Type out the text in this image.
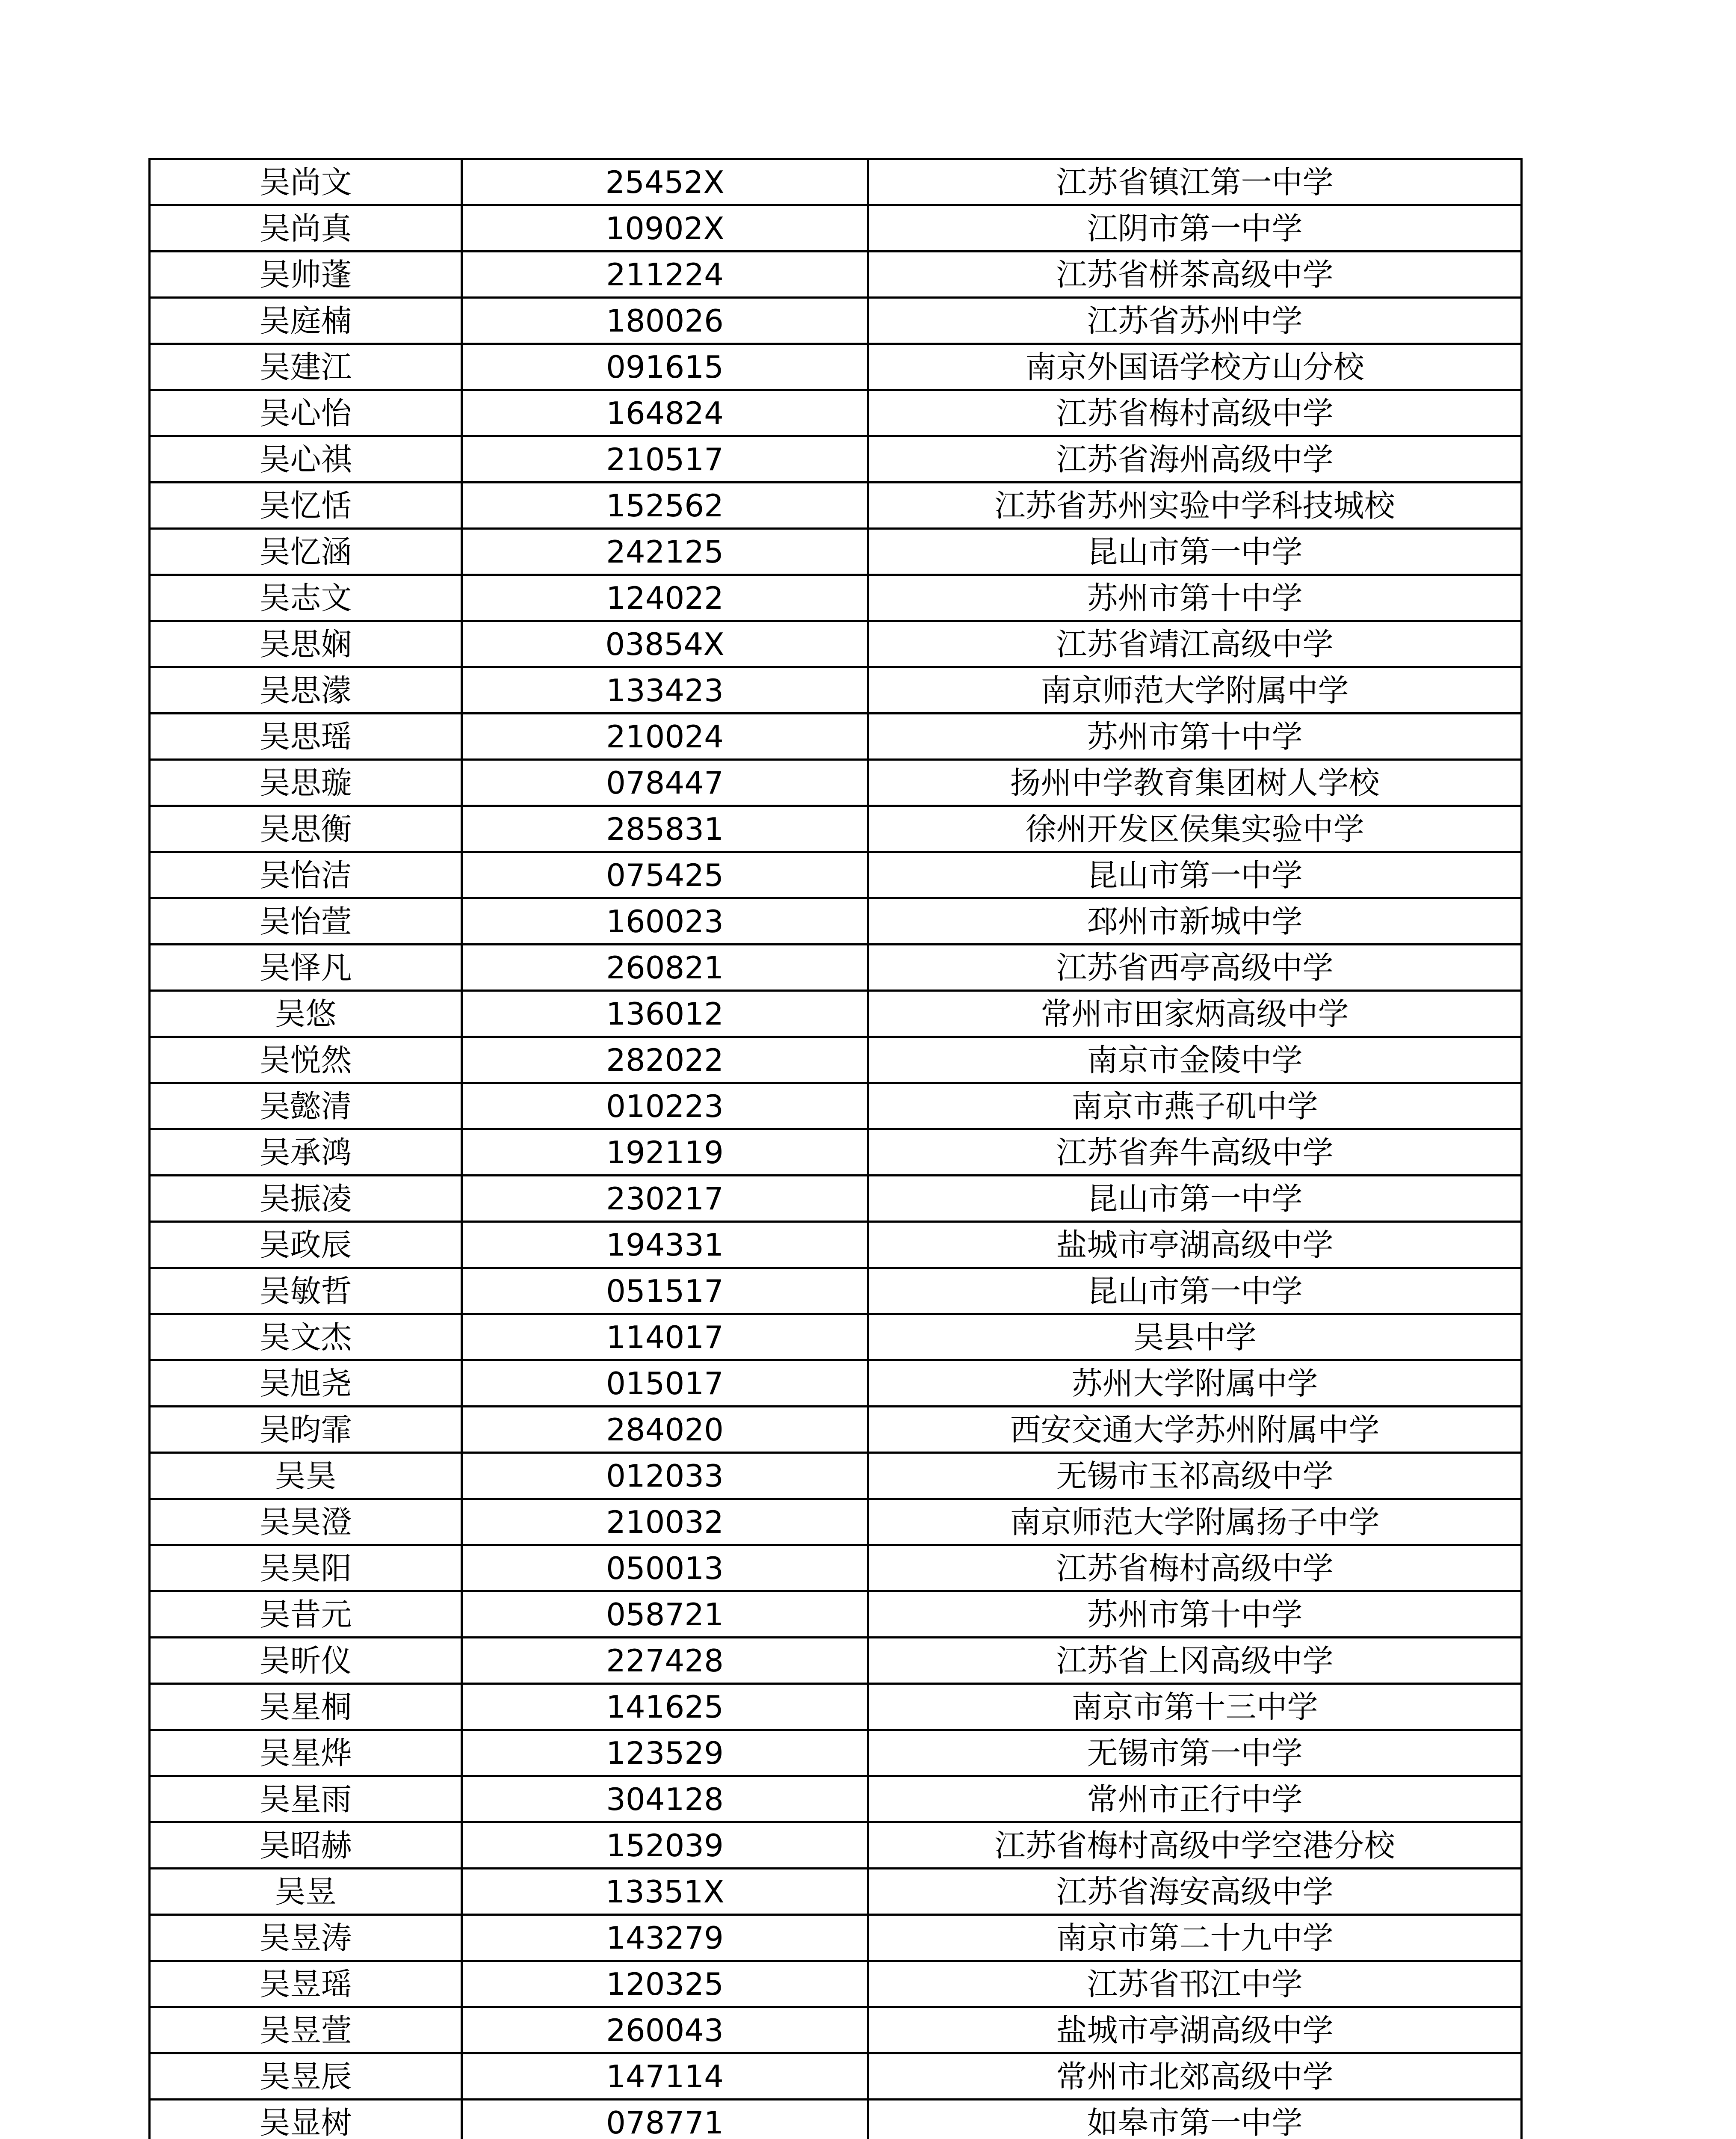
吴尚文	25452X	江苏省镇江第一中学
吴尚真	10902X	江阴市第一中学
吴帅蓬	211224	江苏省栟茶高级中学
吴庭楠	180026	江苏省苏州中学
吴建江	091615	南京外国语学校方山分校
吴心怡	164824	江苏省梅村高级中学
吴心祺	210517	江苏省海州高级中学
吴忆恬	152562	江苏省苏州实验中学科技城校
吴忆涵	242125	昆山市第一中学
吴志文	124022	苏州市第十中学
吴思娴	03854X	江苏省靖江高级中学
吴思濛	133423	南京师范大学附属中学
吴思瑶	210024	苏州市第十中学
吴思璇	078447	扬州中学教育集团树人学校
吴思衡	285831	徐州开发区侯集实验中学
吴怡洁	075425	昆山市第一中学
吴怡萱	160023	邳州市新城中学
吴怿凡	260821	江苏省西亭高级中学
吴悠	136012	常州市田家炳高级中学
吴悦然	282022	南京市金陵中学
吴懿清	010223	南京市燕子矶中学
吴承鸿	192119	江苏省奔牛高级中学
吴振凌	230217	昆山市第一中学
吴政辰	194331	盐城市亭湖高级中学
吴敏哲	051517	昆山市第一中学
吴文杰	114017	吴县中学
吴旭尧	015017	苏州大学附属中学
吴昀霏	284020	西安交通大学苏州附属中学
吴昊	012033	无锡市玉祁高级中学
吴昊澄	210032	南京师范大学附属扬子中学
吴昊阳	050013	江苏省梅村高级中学
吴昔元	058721	苏州市第十中学
吴昕仪	227428	江苏省上冈高级中学
吴星桐	141625	南京市第十三中学
吴星烨	123529	无锡市第一中学
吴星雨	304128	常州市正行中学
吴昭赫	152039	江苏省梅村高级中学空港分校
吴昱	13351X	江苏省海安高级中学
吴昱涛	143279	南京市第二十九中学
吴昱瑶	120325	江苏省邗江中学
吴昱萱	260043	盐城市亭湖高级中学
吴昱辰	147114	常州市北郊高级中学
吴显树	078771	如皋市第一中学
